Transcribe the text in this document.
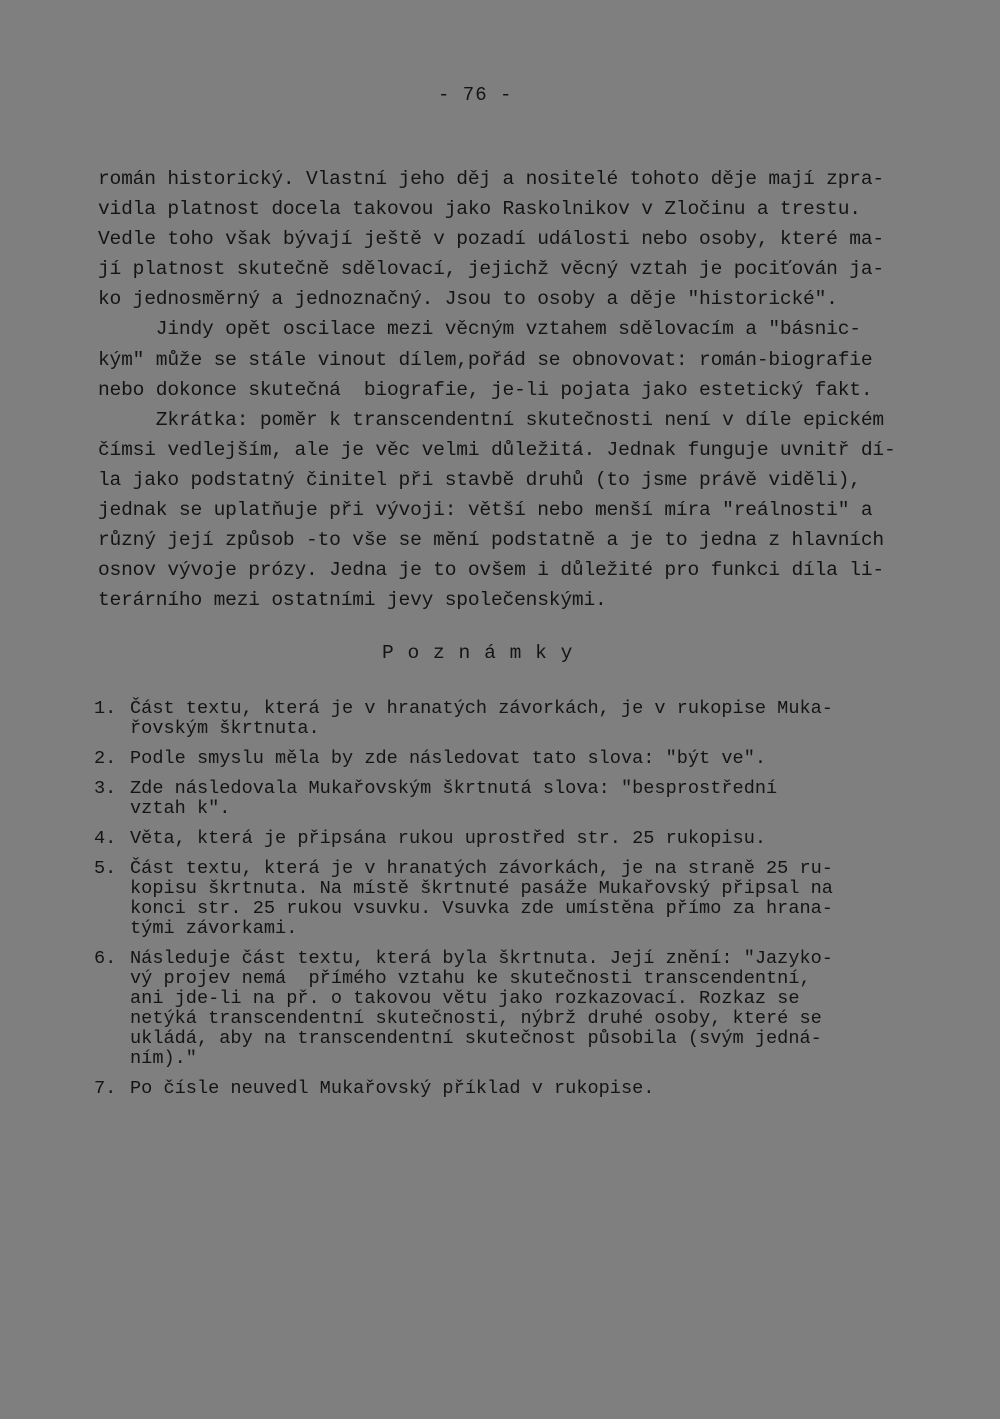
- 76 -
román historický. Vlastní jeho děj a nositelé tohoto děje mají zpra-
vidla platnost docela takovou jako Raskolnikov v Zločinu a trestu.
Vedle toho však bývají ještě v pozadí události nebo osoby, které ma-
jí platnost skutečně sdělovací, jejichž věcný vztah je pociťován ja-
ko jednosměrný a jednoznačný. Jsou to osoby a děje "historické".
Jindy opět oscilace mezi věcným vztahem sdělovacím a "básnic-
kým" může se stále vinout dílem,pořád se obnovovat: román-biografie
nebo dokonce skutečná  biografie, je-li pojata jako estetický fakt.
Zkrátka: poměr k transcendentní skutečnosti není v díle epickém
čímsi vedlejším, ale je věc velmi důležitá. Jednak funguje uvnitř dí-
la jako podstatný činitel při stavbě druhů (to jsme právě viděli),
jednak se uplatňuje při vývoji: větší nebo menší míra "reálnosti" a
různý její způsob -to vše se mění podstatně a je to jedna z hlavních
osnov vývoje prózy. Jedna je to ovšem i důležité pro funkci díla li-
terárního mezi ostatními jevy společenskými.
P o z n á m k y
1. Část textu, která je v hranatých závorkách, je v rukopise Muka-
řovským škrtnuta.
2. Podle smyslu měla by zde následovat tato slova: "být ve".
3. Zde následovala Mukařovským škrtnutá slova: "besprostřední
vztah k".
4. Věta, která je připsána rukou uprostřed str. 25 rukopisu.
5. Část textu, která je v hranatých závorkách, je na straně 25 ru-
kopisu škrtnuta. Na místě škrtnuté pasáže Mukařovský připsal na
konci str. 25 rukou vsuvku. Vsuvka zde umístěna přímo za hrana-
tými závorkami.
6. Následuje část textu, která byla škrtnuta. Její znění: "Jazyko-
vý projev nemá  přímého vztahu ke skutečnosti transcendentní,
ani jde-li na př. o takovou větu jako rozkazovací. Rozkaz se
netýká transcendentní skutečnosti, nýbrž druhé osoby, které se
ukládá, aby na transcendentní skutečnost působila (svým jedná-
ním)."
7. Po čísle neuvedl Mukařovský příklad v rukopise.
